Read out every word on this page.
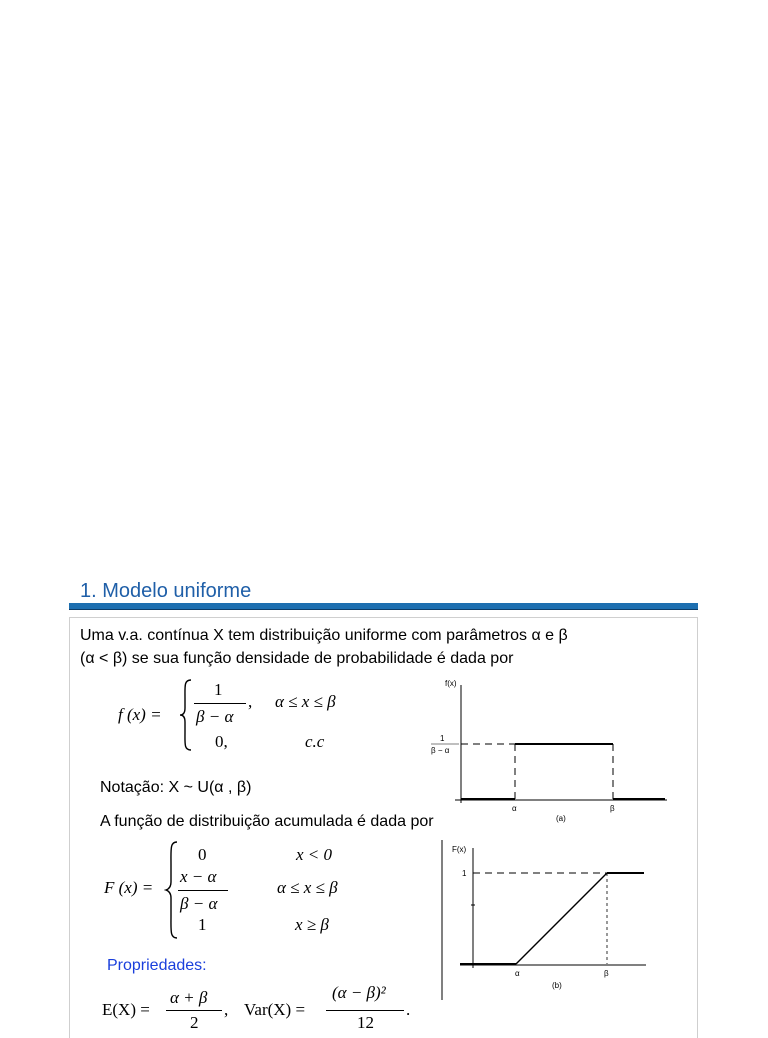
1. Modelo uniforme
Uma v.a. contínua X tem distribuição uniforme com parâmetros α e β
(α < β) se sua função densidade de probabilidade é dada por
f (x) =
1
β − α
, α ≤ x ≤ β
0,	c.c
f(x)
1
β − α
α	β
(a)
Notação: X ~ U(α , β)
A função de distribuição acumulada é dada por
F (x) =
0	x < 0
x − α
β − α
α ≤ x ≤ β
1	x ≥ β
F(x)
1
α	β
(b)
Propriedades:
E(X) =
α + β
2
, Var(X) =
(α − β)²
12
.
